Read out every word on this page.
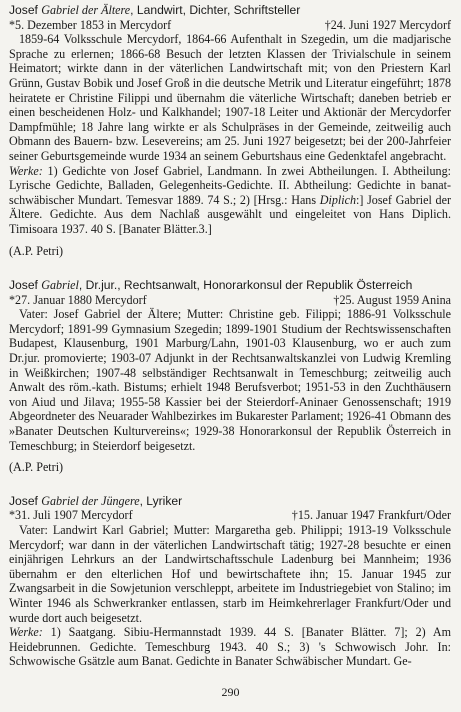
Josef Gabriel der Ältere, Landwirt, Dichter, Schriftsteller

*5. Dezember 1853 in Mercydorf	†24. Juni 1927 Mercydorf

1859-64 Volksschule Mercydorf, 1864-66 Aufenthalt in Szegedin, um die madjarische Sprache zu erlernen; 1866-68 Besuch der letzten Klassen der Trivialschule in seinem Heimatort; wirkte dann in der väterlichen Landwirtschaft mit; von den Priestern Karl Grünn, Gustav Bobik und Josef Groß in die deutsche Metrik und Literatur eingeführt; 1878 heiratete er Christine Filippi und übernahm die väterliche Wirtschaft; daneben betrieb er einen bescheidenen Holz- und Kalkhandel; 1907-18 Leiter und Aktionär der Mercydorfer Dampfmühle; 18 Jahre lang wirkte er als Schulpräses in der Gemeinde, zeitweilig auch Obmann des Bauern- bzw. Lesevereins; am 25. Juni 1927 beigesetzt; bei der 200-Jahrfeier seiner Geburtsgemeinde wurde 1934 an seinem Geburtshaus eine Gedenktafel angebracht.

Werke: 1) Gedichte von Josef Gabriel, Landmann. In zwei Abtheilungen. I. Abtheilung: Lyrische Gedichte, Balladen, Gelegenheits-Gedichte. II. Abtheilung: Gedichte in banat-schwäbischer Mundart. Temesvar 1889. 74 S.; 2) [Hrsg.: Hans Diplich:] Josef Gabriel der Ältere. Gedichte. Aus dem Nachlaß ausgewählt und eingeleitet von Hans Diplich. Timisoara 1937. 40 S. [Banater Blätter.3.]

(A.P. Petri)

Josef Gabriel, Dr.jur., Rechtsanwalt, Honorarkonsul der Republik Österreich

*27. Januar 1880 Mercydorf	†25. August 1959 Anina

Vater: Josef Gabriel der Ältere; Mutter: Christine geb. Filippi; 1886-91 Volksschule Mercydorf; 1891-99 Gymnasium Szegedin; 1899-1901 Studium der Rechtswissenschaften Budapest, Klausenburg, 1901 Marburg/Lahn, 1901-03 Klausenburg, wo er auch zum Dr.jur. promovierte; 1903-07 Adjunkt in der Rechtsanwaltskanzlei von Ludwig Kremling in Weißkirchen; 1907-48 selbständiger Rechtsanwalt in Temeschburg; zeitweilig auch Anwalt des röm.-kath. Bistums; erhielt 1948 Berufsverbot; 1951-53 in den Zuchthäusern von Aiud und Jilava; 1955-58 Kassier bei der Steierdorf-Aninaer Genossenschaft; 1919 Abgeordneter des Neuarader Wahlbezirkes im Bukarester Parlament; 1926-41 Obmann des »Banater Deutschen Kulturvereins«; 1929-38 Honorarkonsul der Republik Österreich in Temeschburg; in Steierdorf beigesetzt.

(A.P. Petri)

Josef Gabriel der Jüngere, Lyriker

*31. Juli 1907 Mercydorf	†15. Januar 1947 Frankfurt/Oder

Vater: Landwirt Karl Gabriel; Mutter: Margaretha geb. Philippi; 1913-19 Volksschule Mercydorf; war dann in der väterlichen Landwirtschaft tätig; 1927-28 besuchte er einen einjährigen Lehrkurs an der Landwirtschaftsschule Ladenburg bei Mannheim; 1936 übernahm er den elterlichen Hof und bewirtschaftete ihn; 15. Januar 1945 zur Zwangsarbeit in die Sowjetunion verschleppt, arbeitete im Industriegebiet von Stalino; im Winter 1946 als Schwerkranker entlassen, starb im Heimkehrerlager Frankfurt/Oder und wurde dort auch beigesetzt.

Werke: 1) Saatgang. Sibiu-Hermannstadt 1939. 44 S. [Banater Blätter. 7]; 2) Am Heidebrunnen. Gedichte. Temeschburg 1943. 40 S.; 3) 's Schwowisch Johr. In: Schwowische Gsätzle aum Banat. Gedichte in Banater Schwäbischer Mundart. Ge-

290
